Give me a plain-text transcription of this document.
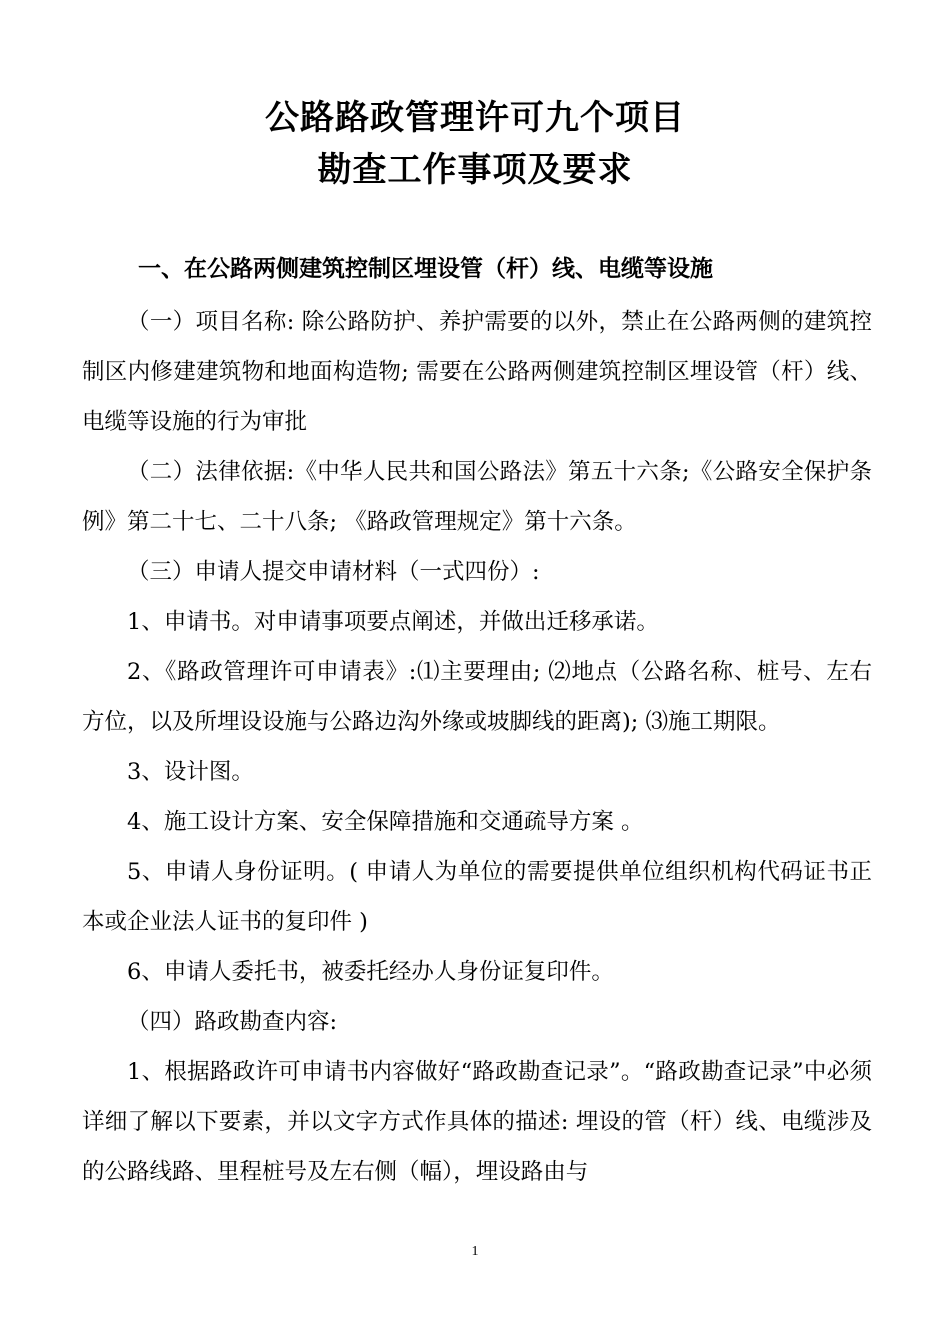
公路路政管理许可九个项目
勘查工作事项及要求
一、在公路两侧建筑控制区埋设管（杆）线、电缆等设施

（一）项目名称: 除公路防护、养护需要的以外，禁止在公路两侧的建筑控制区内修建建筑物和地面构造物; 需要在公路两侧建筑控制区埋设管（杆）线、电缆等设施的行为审批

（二）法律依据:《中华人民共和国公路法》第五十六条;《公路安全保护条例》第二十七、二十八条; 《路政管理规定》第十六条。

（三）申请人提交申请材料（一式四份）:

1、申请书。对申请事项要点阐述，并做出迁移承诺。

2、《路政管理许可申请表》:⑴主要理由; ⑵地点（公路名称、桩号、左右方位，以及所埋设设施与公路边沟外缘或坡脚线的距离); ⑶施工期限。

3、设计图。

4、施工设计方案、安全保障措施和交通疏导方案 。

5、申请人身份证明。( 申请人为单位的需要提供单位组织机构代码证书正本或企业法人证书的复印件 )

6、申请人委托书，被委托经办人身份证复印件。

（四）路政勘查内容:

1、根据路政许可申请书内容做好“路政勘查记录”。“路政勘查记录”中必须详细了解以下要素，并以文字方式作具体的描述: 埋设的管（杆）线、电缆涉及的公路线路、里程桩号及左右侧（幅），埋设路由与

1
